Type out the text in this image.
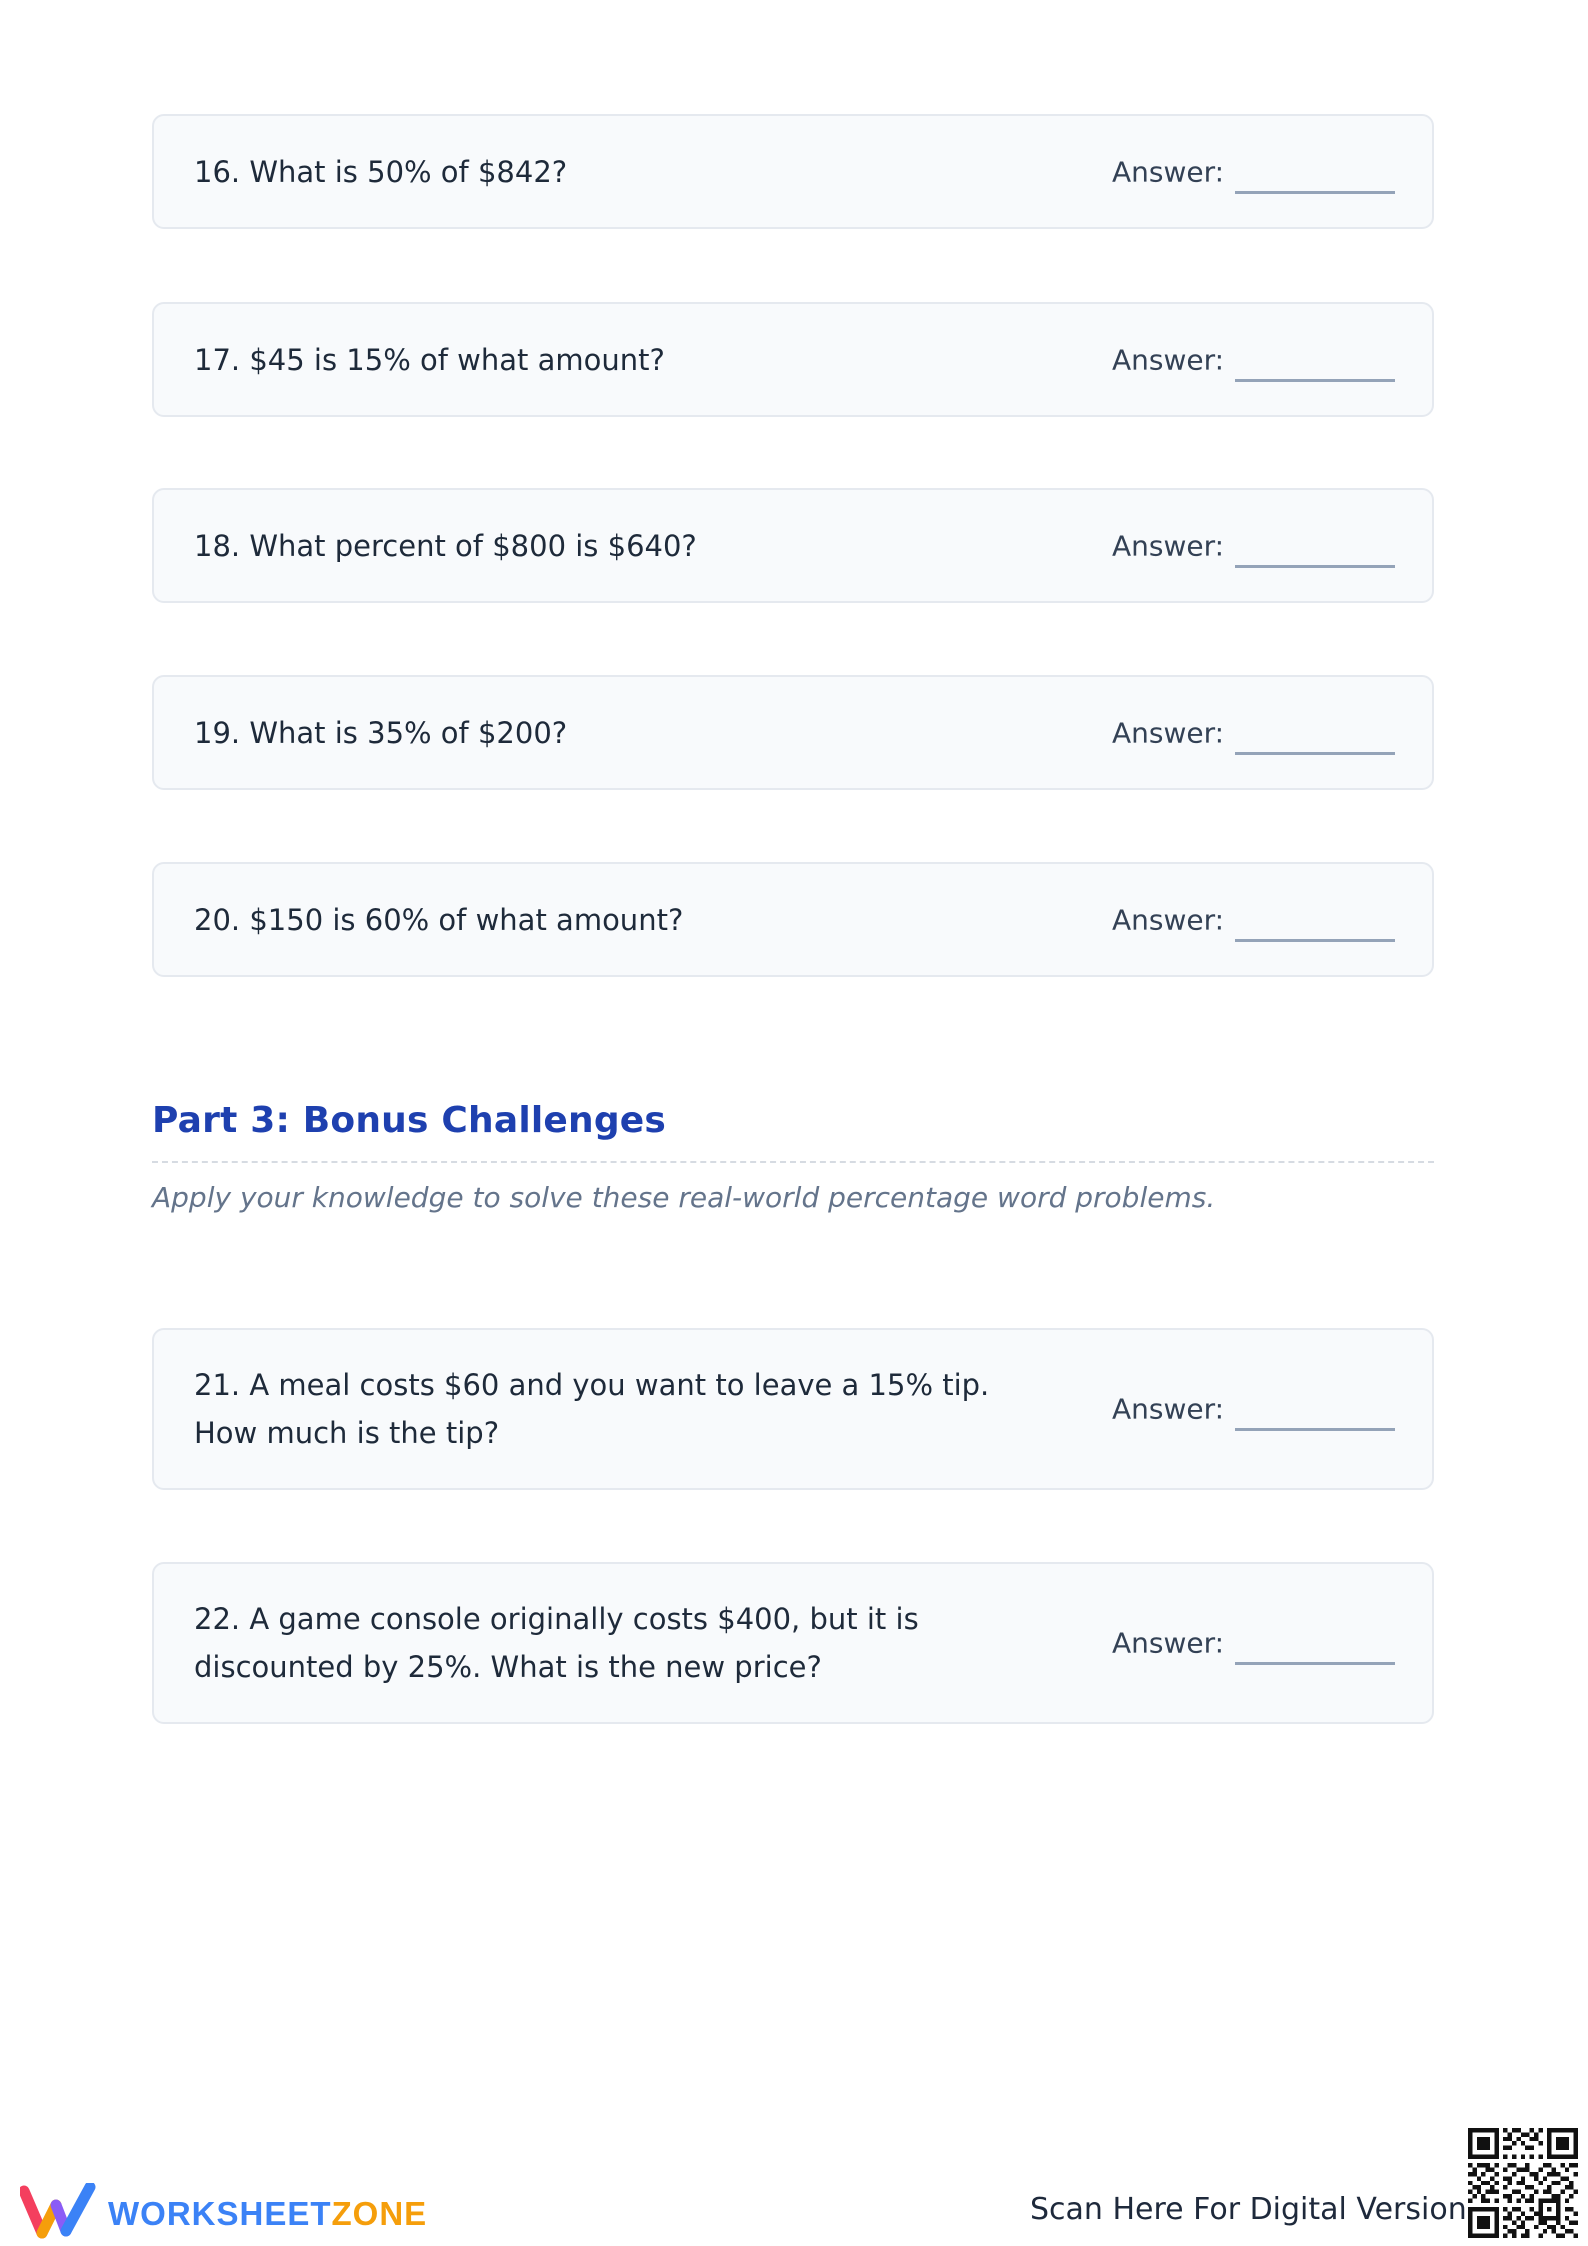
16. What is 50% of $842?	Answer:
17. $45 is 15% of what amount?	Answer:
18. What percent of $800 is $640?	Answer:
19. What is 35% of $200?	Answer:
20. $150 is 60% of what amount?	Answer:
Part 3: Bonus Challenges
Apply your knowledge to solve these real-world percentage word problems.
21. A meal costs $60 and you want to leave a 15% tip. How much is the tip?
Answer:
22. A game console originally costs $400, but it is discounted by 25%. What is the new price?
Answer:
WORKSHEETZONE	Scan Here For Digital Version
